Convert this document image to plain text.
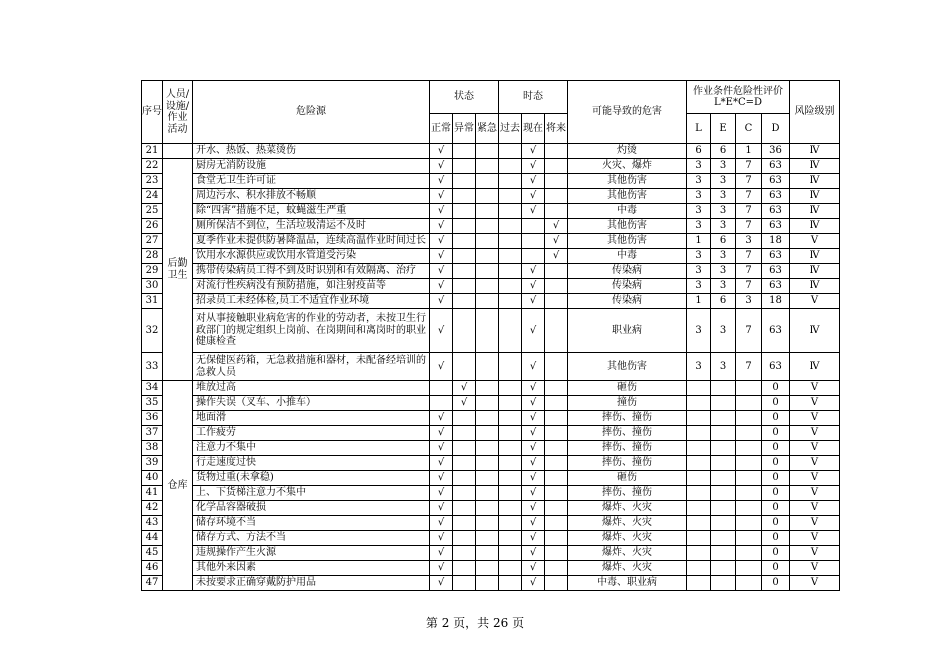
序号	人员/设施/作业活动	危险源	状态			时态			可能导致的危害	作业条件危险性评价
L*E*C=D				风险级别
			正常	异常	紧急	过去	现在	将来		L	E	C	D	
21		开水、热饭、热菜烫伤	√				√		灼烫	6	6	1	36	Ⅳ
22	后勤卫生	厨房无消防设施	√				√		火灾、爆炸	3	3	7	63	Ⅳ
23		食堂无卫生许可证	√				√		其他伤害	3	3	7	63	Ⅳ
24		周边污水、积水排放不畅顺	√				√		其他伤害	3	3	7	63	Ⅳ
25		除“四害”措施不足，蚊蝇滋生严重	√				√		中毒	3	3	7	63	Ⅳ
26		厕所保洁不到位，生活垃圾清运不及时	√					√	其他伤害	3	3	7	63	Ⅳ
27		夏季作业未提供防暑降温品，连续高温作业时间过长	√					√	其他伤害	1	6	3	18	Ⅴ
28		饮用水水源供应或饮用水管道受污染	√					√	中毒	3	3	7	63	Ⅳ
29		携带传染病员工得不到及时识别和有效隔离、治疗	√				√		传染病	3	3	7	63	Ⅳ
30		对流行性疾病没有预防措施，如注射疫苗等	√				√		传染病	3	3	7	63	Ⅳ
31		招录员工未经体检,员工不适宜作业环境	√				√		传染病	1	6	3	18	Ⅴ
32		对从事接触职业病危害的作业的劳动者，未按卫生行政部门的规定组织上岗前、在岗期间和离岗时的职业健康检查	√				√		职业病	3	3	7	63	Ⅳ
33		无保健医药箱，无急救措施和器材，未配备经培训的急救人员	√				√		其他伤害	3	3	7	63	Ⅳ
34	仓库	堆放过高		√			√		砸伤				0	Ⅴ
35		操作失误（叉车、小推车）		√			√		撞伤				0	Ⅴ
36		地面滑	√				√		摔伤、撞伤				0	Ⅴ
37		工作疲劳	√				√		摔伤、撞伤				0	Ⅴ
38		注意力不集中	√				√		摔伤、撞伤				0	Ⅴ
39		行走速度过快	√				√		摔伤、撞伤				0	Ⅴ
40		货物过重(未拿稳)	√				√		砸伤				0	Ⅴ
41		上、下货梯注意力不集中	√				√		摔伤、撞伤				0	Ⅴ
42		化学品容器破损	√				√		爆炸、火灾				0	Ⅴ
43		储存环境不当	√				√		爆炸、火灾				0	Ⅴ
44		储存方式、方法不当	√				√		爆炸、火灾				0	Ⅴ
45		违规操作产生火源	√				√		爆炸、火灾				0	Ⅴ
46		其他外来因素	√				√		爆炸、火灾				0	Ⅴ
47		未按要求正确穿戴防护用品	√				√		中毒、职业病				0	Ⅴ
第 2 页，共 26 页
